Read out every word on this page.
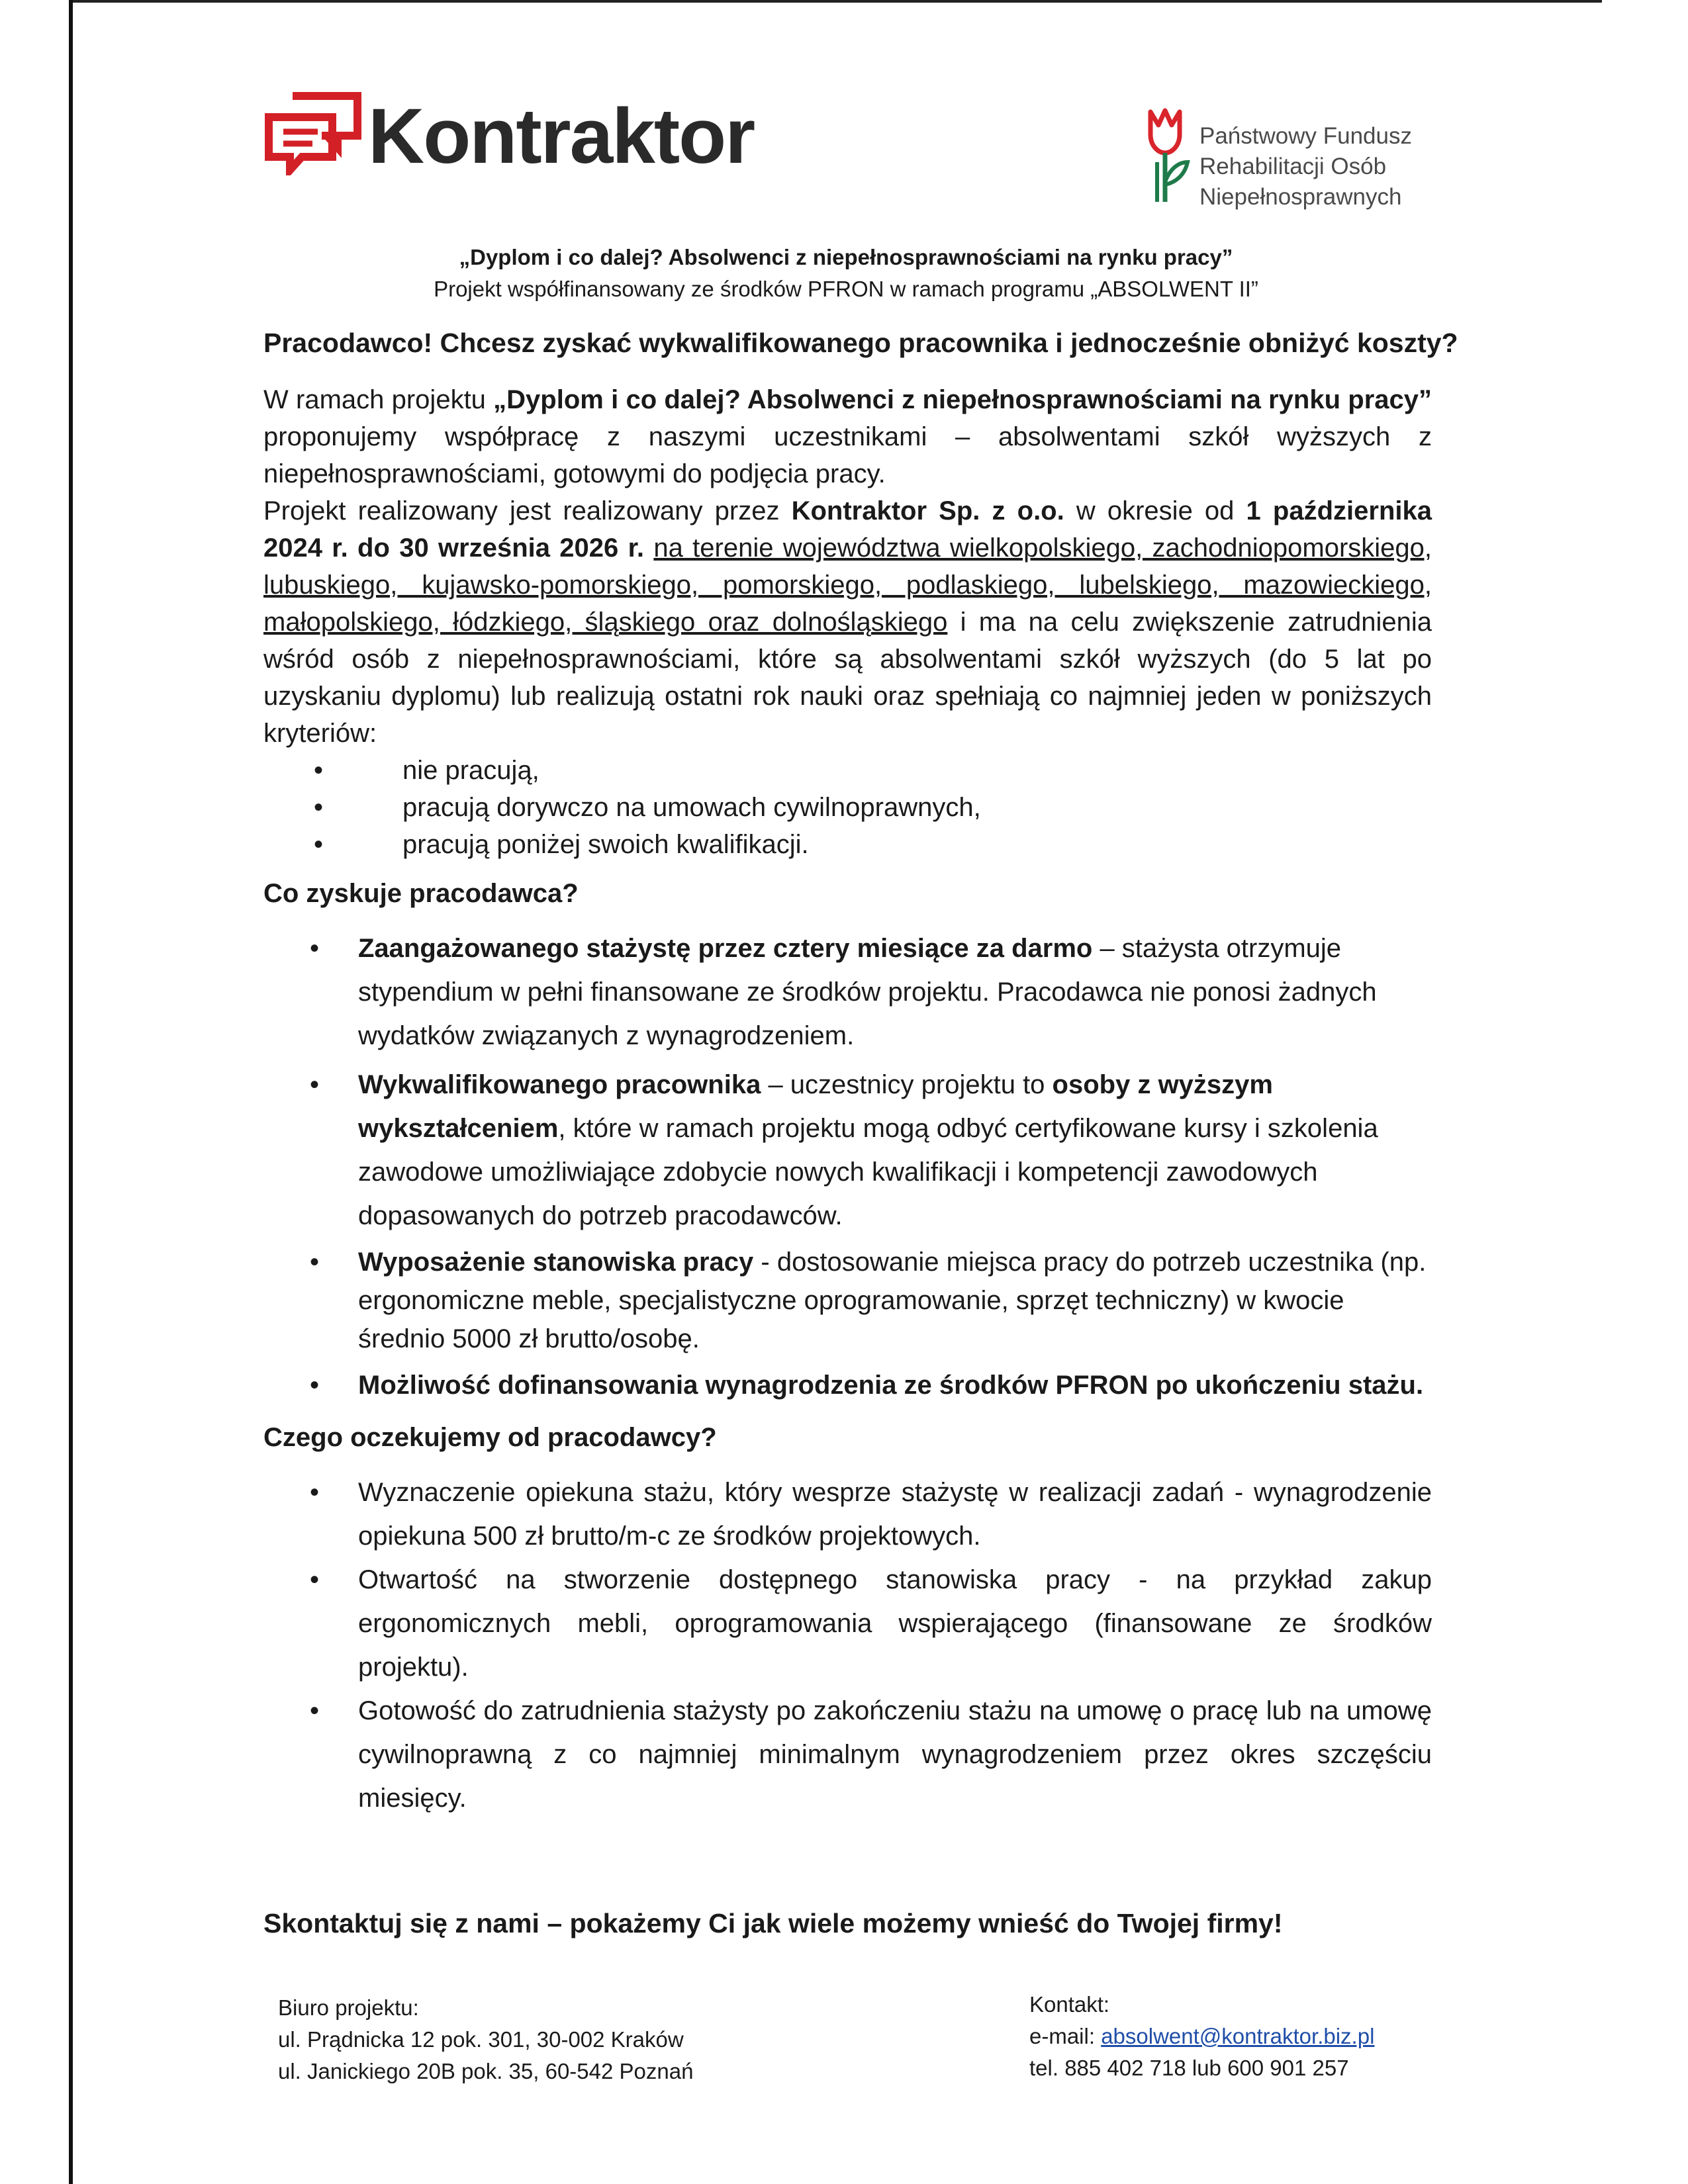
Kontraktor	Państwowy Fundusz
Rehabilitacji Osób
Niepełnosprawnych
„Dyplom i co dalej? Absolwenci z niepełnosprawnościami na rynku pracy”
Projekt współfinansowany ze środków PFRON w ramach programu „ABSOLWENT II”
Pracodawco! Chcesz zyskać wykwalifikowanego pracownika i jednocześnie obniżyć koszty?

W ramach projektu „Dyplom i co dalej? Absolwenci z niepełnosprawnościami na rynku pracy” proponujemy współpracę z naszymi uczestnikami – absolwentami szkół wyższych z niepełnosprawnościami, gotowymi do podjęcia pracy.

Projekt realizowany jest realizowany przez Kontraktor Sp. z o.o. w okresie od 1 października 2024 r. do 30 września 2026 r. na terenie województwa wielkopolskiego, zachodniopomorskiego, lubuskiego, kujawsko-pomorskiego, pomorskiego, podlaskiego, lubelskiego, mazowieckiego, małopolskiego, łódzkiego, śląskiego oraz dolnośląskiego i ma na celu zwiększenie zatrudnienia wśród osób z niepełnosprawnościami, które są absolwentami szkół wyższych (do 5 lat po uzyskaniu dyplomu) lub realizują ostatni rok nauki oraz spełniają co najmniej jeden w poniższych kryteriów:

• nie pracują,
• pracują dorywczo na umowach cywilnoprawnych,
• pracują poniżej swoich kwalifikacji.
Co zyskuje pracodawca?
• Zaangażowanego stażystę przez cztery miesiące za darmo – stażysta otrzymuje stypendium w pełni finansowane ze środków projektu. Pracodawca nie ponosi żadnych wydatków związanych z wynagrodzeniem.
• Wykwalifikowanego pracownika – uczestnicy projektu to osoby z wyższym wykształceniem, które w ramach projektu mogą odbyć certyfikowane kursy i szkolenia zawodowe umożliwiające zdobycie nowych kwalifikacji i kompetencji zawodowych dopasowanych do potrzeb pracodawców.
• Wyposażenie stanowiska pracy - dostosowanie miejsca pracy do potrzeb uczestnika (np. ergonomiczne meble, specjalistyczne oprogramowanie, sprzęt techniczny) w kwocie średnio 5000 zł brutto/osobę.
• Możliwość dofinansowania wynagrodzenia ze środków PFRON po ukończeniu stażu.
Czego oczekujemy od pracodawcy?
• Wyznaczenie opiekuna stażu, który wesprze stażystę w realizacji zadań - wynagrodzenie opiekuna 500 zł brutto/m-c ze środków projektowych.
• Otwartość na stworzenie dostępnego stanowiska pracy - na przykład zakup ergonomicznych mebli, oprogramowania wspierającego (finansowane ze środków projektu).
• Gotowość do zatrudnienia stażysty po zakończeniu stażu na umowę o pracę lub na umowę cywilnoprawną z co najmniej minimalnym wynagrodzeniem przez okres szczęściu miesięcy.
Skontaktuj się z nami – pokażemy Ci jak wiele możemy wnieść do Twojej firmy!
Biuro projektu:
ul. Prądnicka 12 pok. 301, 30-002 Kraków
ul. Janickiego 20B pok. 35, 60-542 Poznań
Kontakt:
e-mail: absolwent@kontraktor.biz.pl
tel. 885 402 718 lub 600 901 257
